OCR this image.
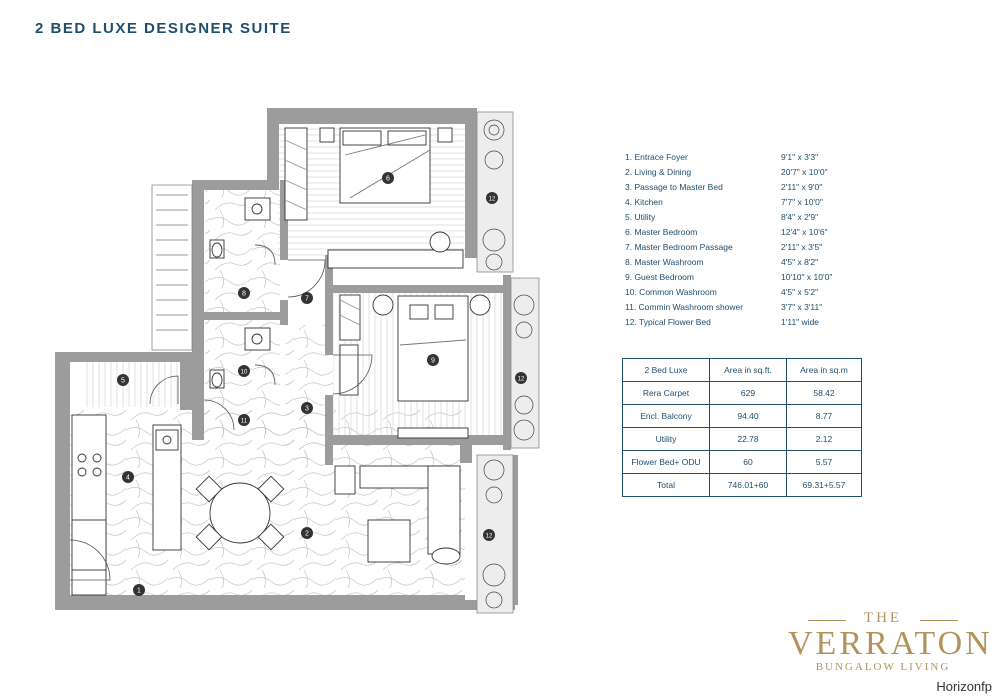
2 BED LUXE DESIGNER SUITE
1
2
3
4
5
6
7
8
9
10
11
12
12
12
1. Entrace Foyer	9'1" x 3'3"
2. Living & Dining	20'7" x 10'0"
3. Passage to Master Bed	2'11" x 9'0"
4. Kitchen	7'7" x 10'0"
5. Utility	8'4" x 2'9"
6. Master Bedroom	12'4" x 10'6"
7. Master Bedroom Passage	2'11" x 3'5"
8. Master Washroom	4'5" x 8'2"
9. Guest Bedroom	10'10" x 10'0"
10. Common Washroom	4'5" x 5'2"
11. Commin Washroom shower	3'7" x 3'11"
12. Typical Flower Bed	1'11" wide
2 Bed Luxe	Area in sq.ft.	Area in sq.m
Rera Carpet	629	58.42
Encl. Balcony	94.40	8.77
Utility	22.78	2.12
Flower Bed+ ODU	60	5.57
Total	746.01+60	69.31+5.57
THE
VERRATON
BUNGALOW LIVING
Horizonfp
